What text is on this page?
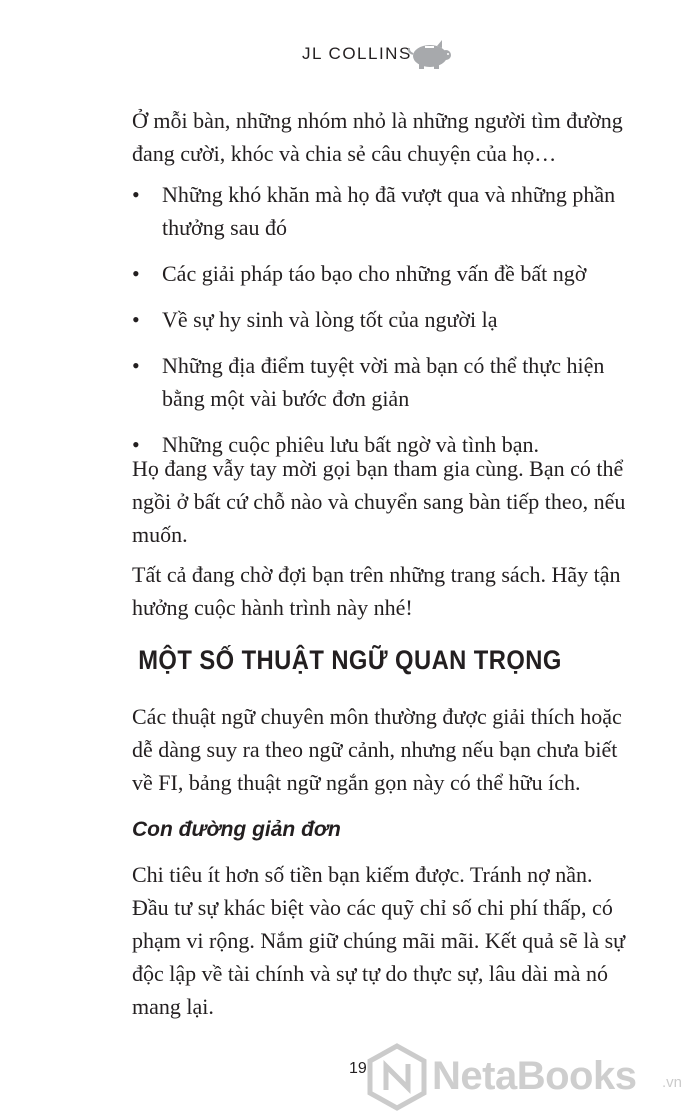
JL COLLINS

Ở mỗi bàn, những nhóm nhỏ là những người tìm đường đang cười, khóc và chia sẻ câu chuyện của họ…

• Những khó khăn mà họ đã vượt qua và những phần thưởng sau đó
• Các giải pháp táo bạo cho những vấn đề bất ngờ
• Về sự hy sinh và lòng tốt của người lạ
• Những địa điểm tuyệt vời mà bạn có thể thực hiện bằng một vài bước đơn giản
• Những cuộc phiêu lưu bất ngờ và tình bạn.

Họ đang vẫy tay mời gọi bạn tham gia cùng. Bạn có thể ngồi ở bất cứ chỗ nào và chuyển sang bàn tiếp theo, nếu muốn.

Tất cả đang chờ đợi bạn trên những trang sách. Hãy tận hưởng cuộc hành trình này nhé!

MỘT SỐ THUẬT NGỮ QUAN TRỌNG

Các thuật ngữ chuyên môn thường được giải thích hoặc dễ dàng suy ra theo ngữ cảnh, nhưng nếu bạn chưa biết về FI, bảng thuật ngữ ngắn gọn này có thể hữu ích.

Con đường giản đơn

Chi tiêu ít hơn số tiền bạn kiếm được. Tránh nợ nần. Đầu tư sự khác biệt vào các quỹ chỉ số chi phí thấp, có phạm vi rộng. Nắm giữ chúng mãi mãi. Kết quả sẽ là sự độc lập về tài chính và sự tự do thực sự, lâu dài mà nó mang lại.

19 NetaBooks .vn
